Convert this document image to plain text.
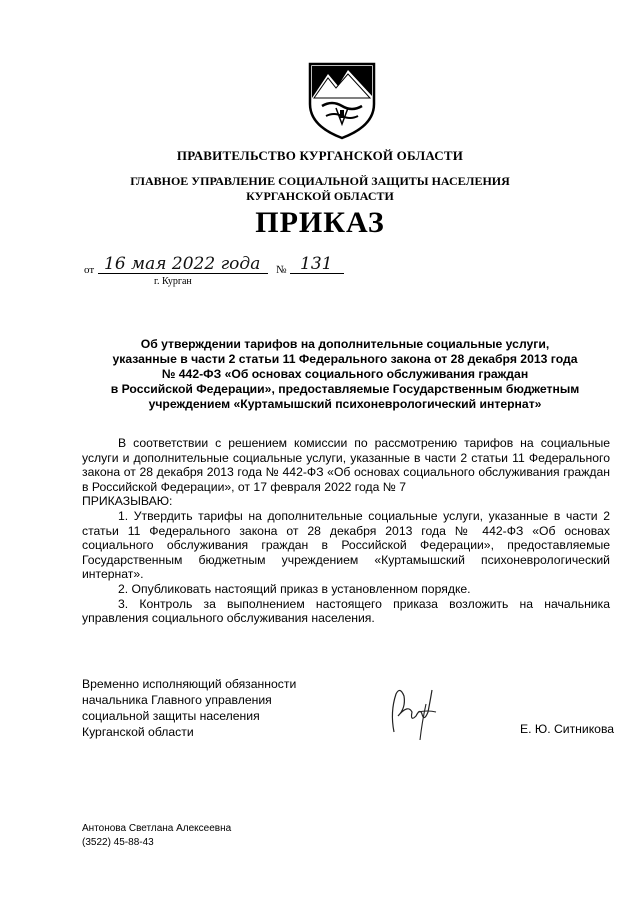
ПРАВИТЕЛЬСТВО КУРГАНСКОЙ ОБЛАСТИ
ГЛАВНОЕ УПРАВЛЕНИЕ СОЦИАЛЬНОЙ ЗАЩИТЫ НАСЕЛЕНИЯ
КУРГАНСКОЙ ОБЛАСТИ
ПРИКАЗ
от 16 мая 2022 года № 131
г. Курган
Об утверждении тарифов на дополнительные социальные услуги,
указанные в части 2 статьи 11 Федерального закона от 28 декабря 2013 года
№ 442-ФЗ «Об основах социального обслуживания граждан
в Российской Федерации», предоставляемые Государственным бюджетным
учреждением «Куртамышский психоневрологический интернат»

В соответствии с решением комиссии по рассмотрению тарифов на социальные услуги и дополнительные социальные услуги, указанные в части 2 статьи 11 Федерального закона от 28 декабря 2013 года № 442-ФЗ «Об основах социального обслуживания граждан в Российской Федерации», от 17 февраля 2022 года № 7

ПРИКАЗЫВАЮ:

1. Утвердить тарифы на дополнительные социальные услуги, указанные в части 2 статьи 11 Федерального закона от 28 декабря 2013 года № 442-ФЗ «Об основах социального обслуживания граждан в Российской Федерации», предоставляемые Государственным бюджетным учреждением «Куртамышский психоневрологический интернат».

2. Опубликовать настоящий приказ в установленном порядке.

3. Контроль за выполнением настоящего приказа возложить на начальника управления социального обслуживания населения.

Временно исполняющий обязанности
начальника Главного управления
социальной защиты населения
Курганской области	Е. Ю. Ситникова
Антонова Светлана Алексеевна
(3522) 45-88-43
